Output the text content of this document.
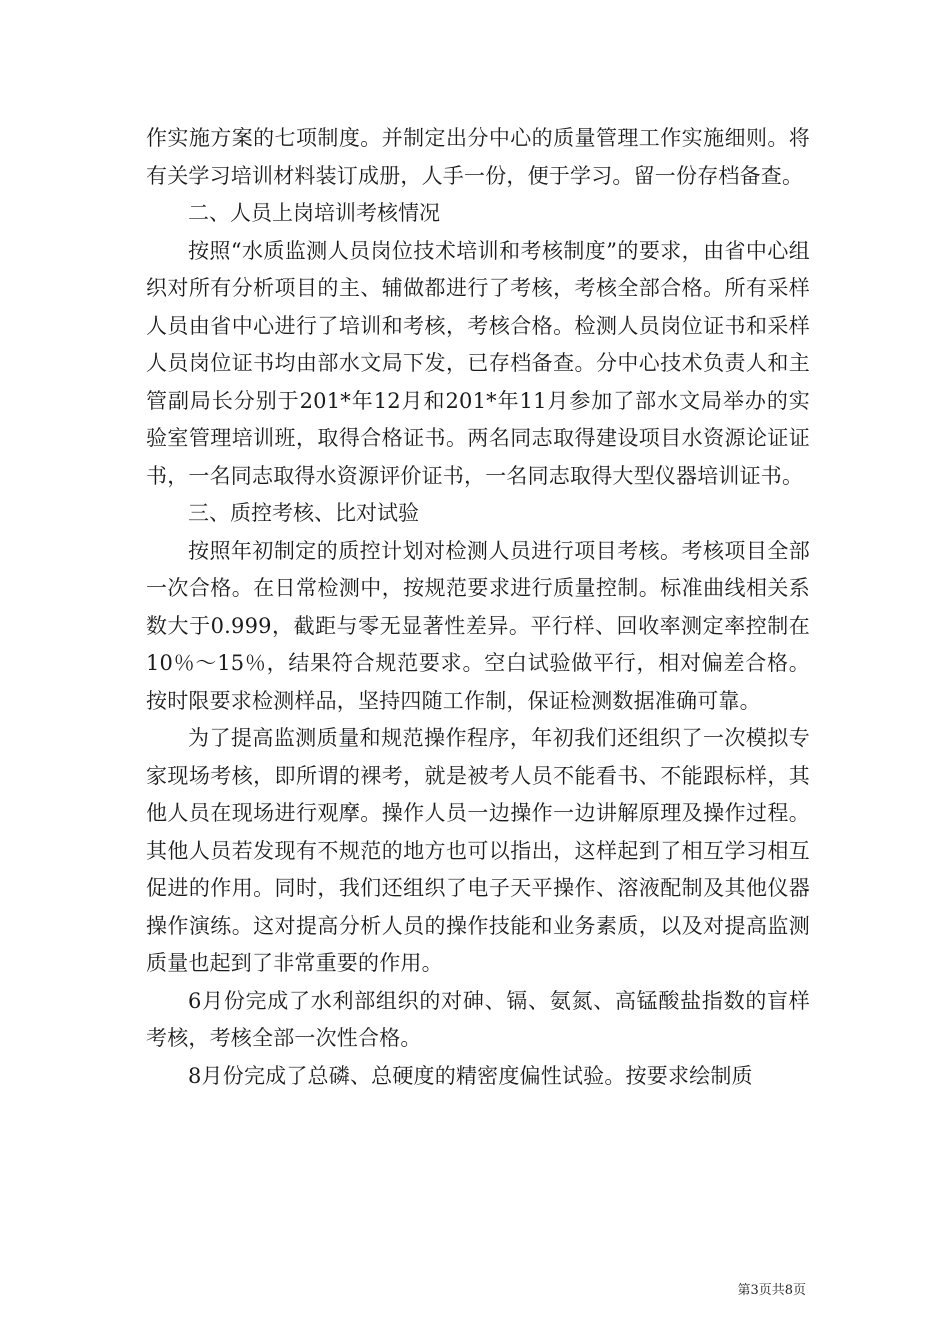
作实施方案的七项制度。并制定出分中心的质量管理工作实施细则。将有关学习培训材料装订成册，人手一份，便于学习。留一份存档备查。

二、人员上岗培训考核情况

按照“水质监测人员岗位技术培训和考核制度”的要求，由省中心组织对所有分析项目的主、辅做都进行了考核，考核全部合格。所有采样人员由省中心进行了培训和考核，考核合格。检测人员岗位证书和采样人员岗位证书均由部水文局下发，已存档备查。分中心技术负责人和主管副局长分别于201*年12月和201*年11月参加了部水文局举办的实验室管理培训班，取得合格证书。两名同志取得建设项目水资源论证证书，一名同志取得水资源评价证书，一名同志取得大型仪器培训证书。

三、质控考核、比对试验

按照年初制定的质控计划对检测人员进行项目考核。考核项目全部一次合格。在日常检测中，按规范要求进行质量控制。标准曲线相关系数大于0.999，截距与零无显著性差异。平行样、回收率测定率控制在10％～15％，结果符合规范要求。空白试验做平行，相对偏差合格。按时限要求检测样品，坚持四随工作制，保证检测数据准确可靠。

为了提高监测质量和规范操作程序，年初我们还组织了一次模拟专家现场考核，即所谓的裸考，就是被考人员不能看书、不能跟标样，其他人员在现场进行观摩。操作人员一边操作一边讲解原理及操作过程。其他人员若发现有不规范的地方也可以指出，这样起到了相互学习相互促进的作用。同时，我们还组织了电子天平操作、溶液配制及其他仪器操作演练。这对提高分析人员的操作技能和业务素质，以及对提高监测质量也起到了非常重要的作用。

6月份完成了水利部组织的对砷、镉、氨氮、高锰酸盐指数的盲样考核，考核全部一次性合格。

8月份完成了总磷、总硬度的精密度偏性试验。按要求绘制质

第3页共8页
